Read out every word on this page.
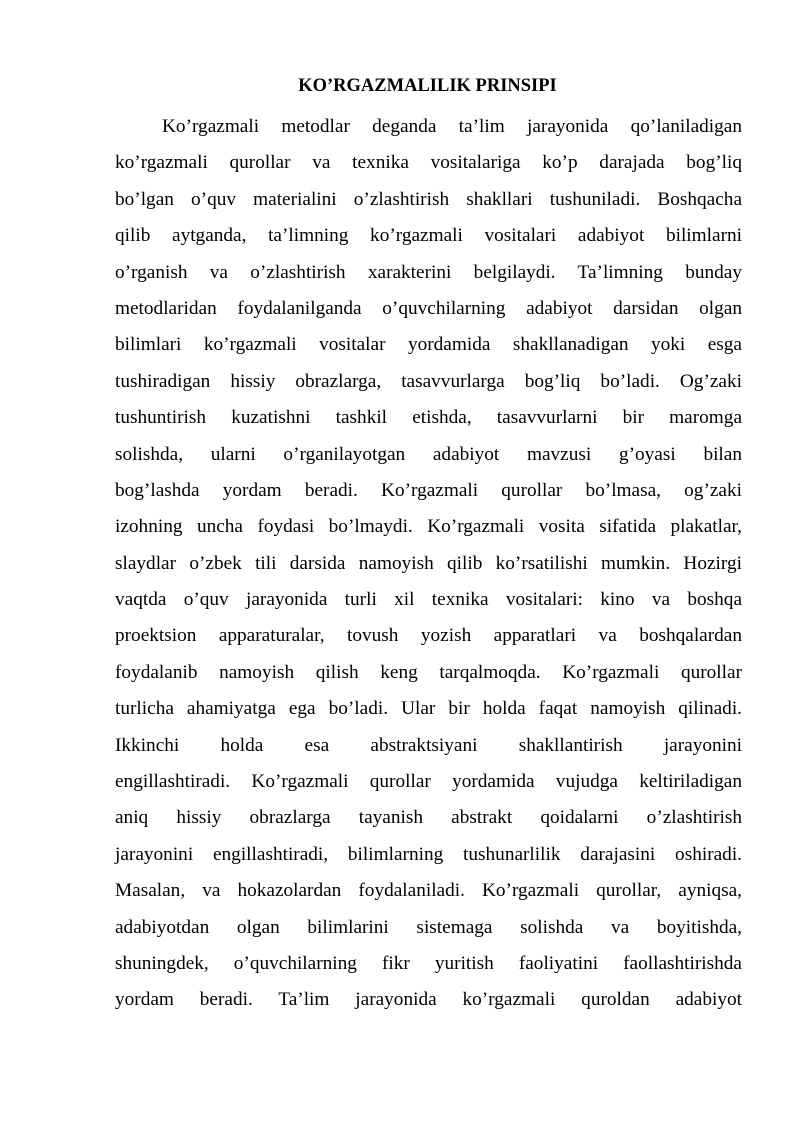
KO’RGAZMALILIK PRINSIPI
Ko’rgazmali metodlar deganda ta’lim jarayonida qo’laniladigan
ko’rgazmali qurollar va texnika vositalariga ko’p darajada bog’liq
bo’lgan o’quv materialini o’zlashtirish shakllari tushuniladi. Boshqacha
qilib aytganda, ta’limning ko’rgazmali vositalari adabiyot bilimlarni
o’rganish va o’zlashtirish xarakterini belgilaydi. Ta’limning bunday
metodlaridan foydalanilganda o’quvchilarning adabiyot darsidan olgan
bilimlari ko’rgazmali vositalar yordamida shakllanadigan yoki esga
tushiradigan hissiy obrazlarga, tasavvurlarga bog’liq bo’ladi. Og’zaki
tushuntirish kuzatishni tashkil etishda, tasavvurlarni bir maromga
solishda, ularni o’rganilayotgan adabiyot mavzusi g’oyasi bilan
bog’lashda yordam beradi. Ko’rgazmali qurollar bo’lmasa, og’zaki
izohning uncha foydasi bo’lmaydi. Ko’rgazmali vosita sifatida plakatlar,
slaydlar o’zbek tili darsida namoyish qilib ko’rsatilishi mumkin. Hozirgi
vaqtda o’quv jarayonida turli xil texnika vositalari: kino va boshqa
proektsion apparaturalar, tovush yozish apparatlari va boshqalardan
foydalanib namoyish qilish keng tarqalmoqda. Ko’rgazmali qurollar
turlicha ahamiyatga ega bo’ladi. Ular bir holda faqat namoyish qilinadi.
Ikkinchi holda esa abstraktsiyani shakllantirish jarayonini
engillashtiradi. Ko’rgazmali qurollar yordamida vujudga keltiriladigan
aniq hissiy obrazlarga tayanish abstrakt qoidalarni o’zlashtirish
jarayonini engillashtiradi, bilimlarning tushunarlilik darajasini oshiradi.
Masalan, va hokazolardan foydalaniladi. Ko’rgazmali qurollar, ayniqsa,
adabiyotdan olgan bilimlarini sistemaga solishda va boyitishda,
shuningdek, o’quvchilarning fikr yuritish faoliyatini faollashtirishda
yordam beradi. Ta’lim jarayonida ko’rgazmali quroldan adabiyot
